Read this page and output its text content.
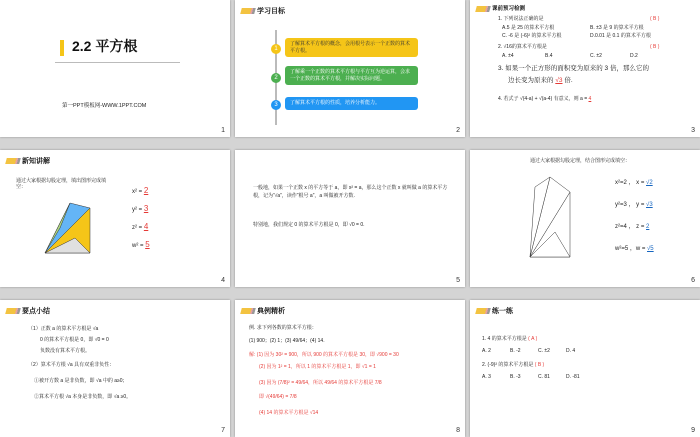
2.2 平方根
第一PPT模板网-WWW.1PPT.COM
1
学习目标
1
了解算术平方根的概念，会用根号表示一个正数的算术平方根。
2
了解乘一个正数的算术平方根与平方互为逆运算，会求一个正数的算术平方根，并解决实际问题。
3	了解算术平方根的性质，培养分析能力。
2
课前预习检测
1. 下列说法正确的是	( B )
A.5 是 25 的算术平方根	B. ±3 是 9 的算术平方根
C. -6 是 (-6)² 的算术平方根	D.0.01 是 0.1 的算术平方根
2. √16的算术平方根是	( B )
A. ±4	B.4	C. ±2	D.2
3. 如果一个正方形的面积变为原来的 3 倍，那么它的
边长变为原来的 √3 倍.
4. 若式子 √(4-a) + √(a-4) 有意义，则 a = 4
3
新知讲解
通过大家根据勾股定理，填出图形完成填空：
x² = 2
y² = 3
z² = 4
w² = 5
4
一般地，如果一个正数 x 的平方等于 a，即 x² = a，那么这个正数 x 就叫做 a 的算术平方根，记为“√a”，读作“根号 a”，a 叫做被开方数.
特别地，我们规定 0 的算术平方根是 0，即 √0 = 0.
5
通过大家根据勾股定理，结合图形完成填空：
x²=2 ， x = √2
y²=3 ， y = √3
z²=4 ， z = 2
w²=5 ，w = √5
6
要点小结
（1）正数 a 的算术平方根是 √a
0 的算术平方根是 0，即 √0 = 0
负数没有算术平方根。
（2）算术平方根 √a 具有双重非负性：
①被开方数 a 是非负数，即 √a 中的 a≥0；
②算术平方根 √a 本身是非负数，即 √a ≥0。
7
典例精析
例. 求下列各数的算术平方根：
(1) 900；(2) 1；(3) 49/64；(4) 14.
解: (1) 因为 30² = 900，所以 900 的算术平方根是 30，即 √900 = 30
(2) 因为 1² = 1，所以 1 的算术平方根是 1，即 √1 = 1
(3) 因为 (7/8)² = 49/64，所以 49/64 的算术平方根是 7/8
即 √(49/64) = 7/8
(4) 14 的算术平方根是 √14
8
练一练
1. 4 的算术平方根是 ( A )
A. 2	B. -2	C. ±2	D. 4
2. (-9)² 的算术平方根是 ( B )
A. 3	B. -3	C. 81	D. -81
9
